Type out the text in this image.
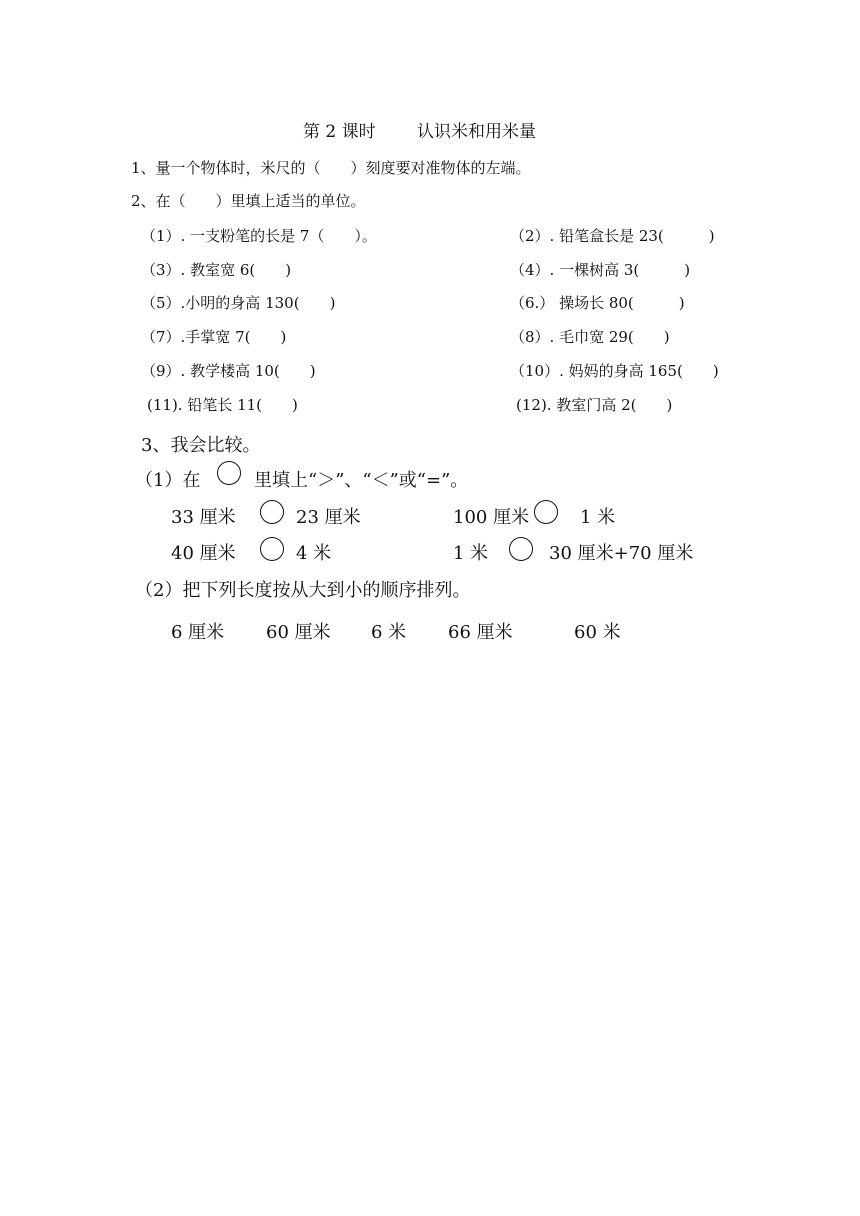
第 2 课时 认识米和用米量
1、量一个物体时，米尺的（　　）刻度要对准物体的左端。
2、在（　　）里填上适当的单位。
（1）. 一支粉笔的长是 7（　　）。	（2）. 铅笔盒长是 23(　　　)
（3）. 教室宽 6(　　)	（4）. 一棵树高 3(　　　)
（5）.小明的身高 130(　　)	（6.） 操场长 80(　　　)
（7）.手掌宽 7(　　)	（8）. 毛巾宽 29(　　)
（9）. 教学楼高 10(　　)	（10）. 妈妈的身高 165(　　)
(11). 铅笔长 11(　　)	(12). 教室门高 2(　　)
3、我会比较。
（1）在	里填上“＞”、“＜”或“=”。
33 厘米	23 厘米	100 厘米	1 米
40 厘米	4 米	1 米	30 厘米+70 厘米
（2）把下列长度按从大到小的顺序排列。
6 厘米 60 厘米 6 米 66 厘米	60 米
